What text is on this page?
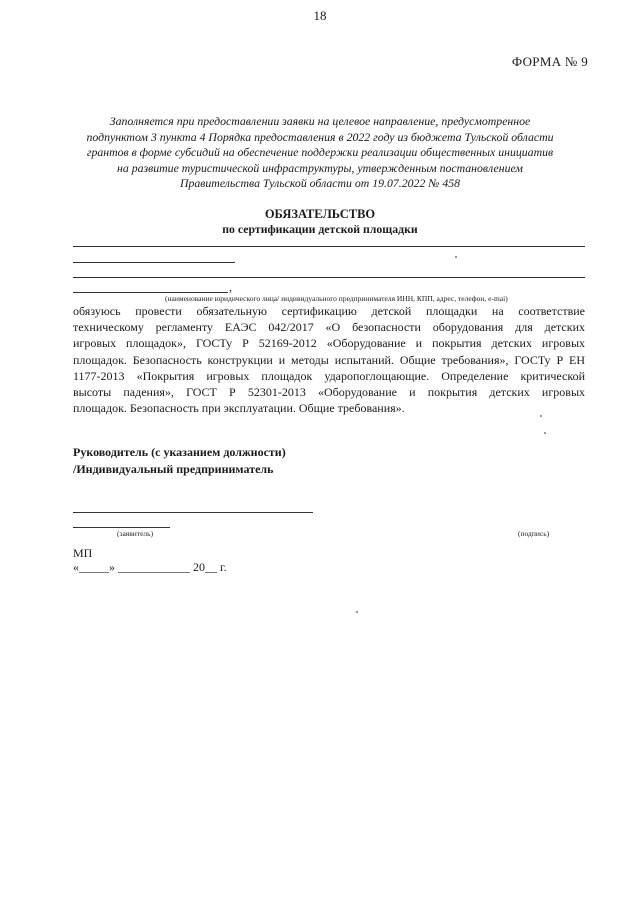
18
ФОРМА № 9
Заполняется при предоставлении заявки на целевое направление, предусмотренное
подпунктом 3 пункта 4 Порядка предоставления в 2022 году из бюджета Тульской области
грантов в форме субсидий на обеспечение поддержки реализации общественных инициатив
на развитие туристической инфраструктуры, утвержденным постановлением
Правительства Тульской области от 19.07.2022 № 458
ОБЯЗАТЕЛЬСТВО
по сертификации детской площадки
,
(наименование юридического лица/ индивидуального предпринимателя ИНН, КПП, адрес, телефон, e-mai)
обязуюсь провести обязательную сертификацию детской площадки на соответствие
техническому регламенту ЕАЭС 042/2017 «О безопасности оборудования для детских
игровых площадок», ГОСТу Р 52169-2012 «Оборудование и покрытия детских игровых
площадок. Безопасность конструкции и методы испытаний. Общие требования», ГОСТу Р ЕН
1177-2013 «Покрытия игровых площадок ударопоглощающие. Определение критической
высоты падения», ГОСТ Р 52301-2013 «Оборудование и покрытия детских игровых
площадок. Безопасность при эксплуатации. Общие требования».
Руководитель (с указанием должности)
/Индивидуальный предприниматель
(заявитель)	(подпись)
МП
«_____» ____________ 20__ г.
